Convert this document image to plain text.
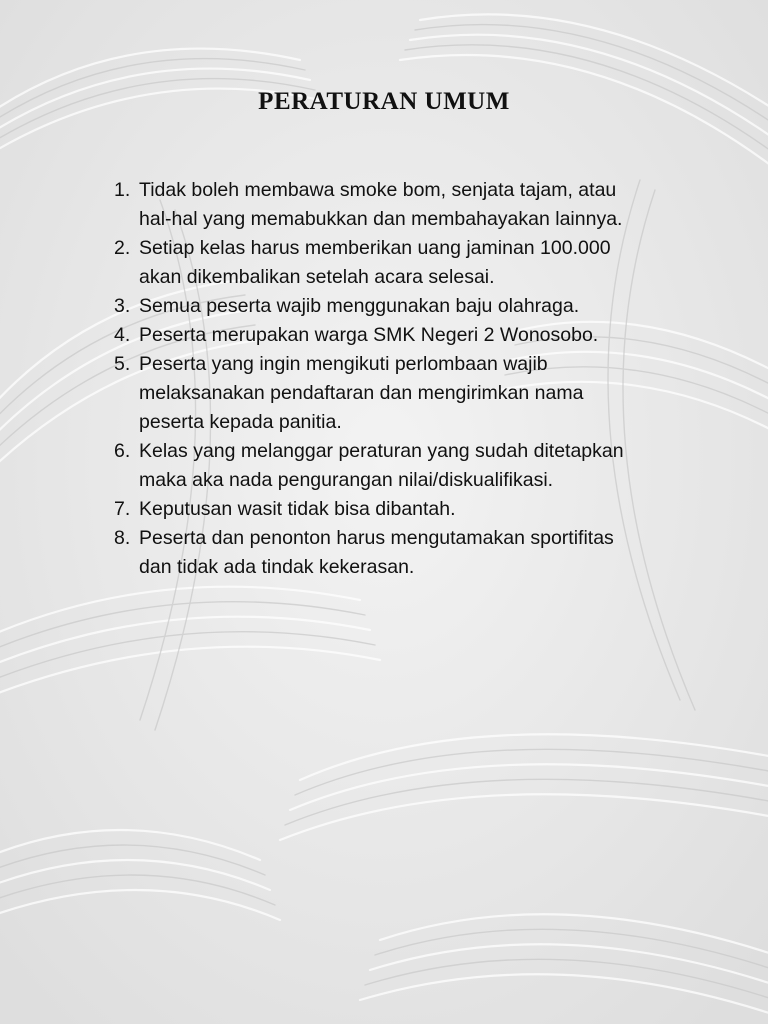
PERATURAN UMUM
1. Tidak boleh membawa smoke bom, senjata tajam, atau
hal-hal yang memabukkan dan membahayakan lainnya.
2. Setiap kelas harus memberikan uang jaminan 100.000
akan dikembalikan setelah acara selesai.
3. Semua peserta wajib menggunakan baju olahraga.
4. Peserta merupakan warga SMK Negeri 2 Wonosobo.
5. Peserta yang ingin mengikuti perlombaan wajib
melaksanakan pendaftaran dan mengirimkan nama
peserta kepada panitia.
6. Kelas yang melanggar peraturan yang sudah ditetapkan
maka aka nada pengurangan nilai/diskualifikasi.
7. Keputusan wasit tidak bisa dibantah.
8. Peserta dan penonton harus mengutamakan sportifitas
dan tidak ada tindak kekerasan.
